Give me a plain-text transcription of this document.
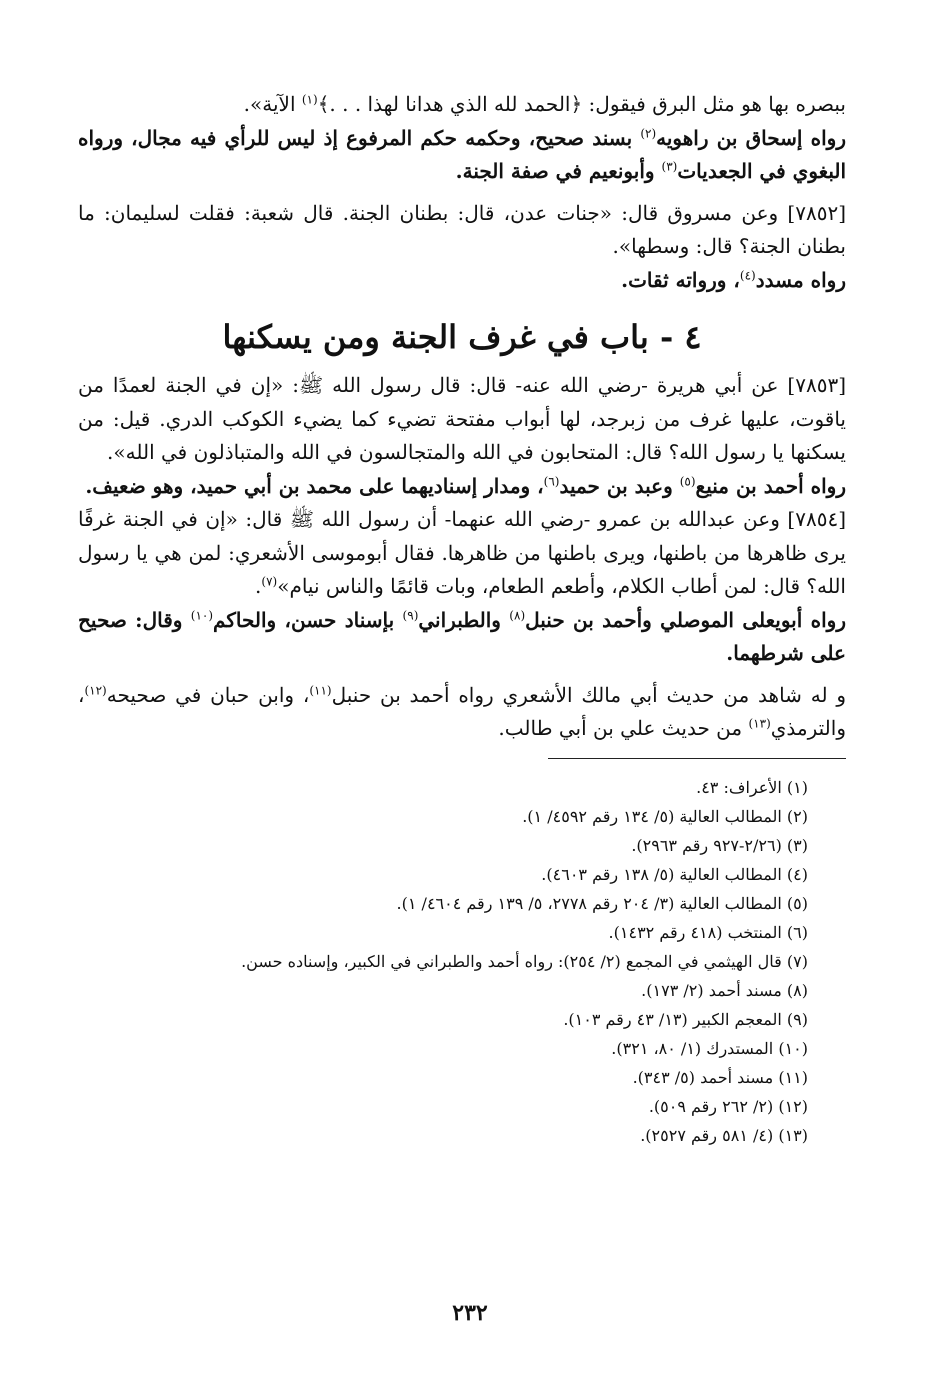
ببصره بها هو مثل البرق فيقول: ﴿الحمد لله الذي هدانا لهذا . . .﴾$^{(١)}$ الآية».

رواه إسحاق بن راهويه$^{(٢)}$ بسند صحيح، وحكمه حكم المرفوع إذ ليس للرأي فيه مجال، ورواه البغوي في الجعديات$^{(٣)}$ وأبونعيم في صفة الجنة.

[٧٨٥٢] وعن مسروق قال: «جنات عدن، قال: بطنان الجنة. قال شعبة: فقلت لسليمان: ما بطنان الجنة؟ قال: وسطها».

رواه مسدد$^{(٤)}$، ورواته ثقات.

٤ - باب في غرف الجنة ومن يسكنها

[٧٨٥٣] عن أبي هريرة -رضي الله عنه- قال: قال رسول الله ﷺ: «إن في الجنة لعمدًا من ياقوت، عليها غرف من زبرجد، لها أبواب مفتحة تضيء كما يضيء الكوكب الدري. قيل: من يسكنها يا رسول الله؟ قال: المتحابون في الله والمتجالسون في الله والمتباذلون في الله».

رواه أحمد بن منيع$^{(٥)}$ وعبد بن حميد$^{(٦)}$، ومدار إسناديهما على محمد بن أبي حميد، وهو ضعيف.

[٧٨٥٤] وعن عبدالله بن عمرو -رضي الله عنهما- أن رسول الله ﷺ قال: «إن في الجنة غرفًا يرى ظاهرها من باطنها، ويرى باطنها من ظاهرها. فقال أبوموسى الأشعري: لمن هي يا رسول الله؟ قال: لمن أطاب الكلام، وأطعم الطعام، وبات قائمًا والناس نيام»$^{(٧)}$.

رواه أبويعلى الموصلي وأحمد بن حنبل$^{(٨)}$ والطبراني$^{(٩)}$ بإسناد حسن، والحاكم$^{(١٠)}$ وقال: صحيح على شرطهما.

و له شاهد من حديث أبي مالك الأشعري رواه أحمد بن حنبل$^{(١١)}$، وابن حبان في صحيحه$^{(١٢)}$، والترمذي$^{(١٣)}$ من حديث علي بن أبي طالب.

(١) الأعراف: ٤٣.
(٢) المطالب العالية (٥/ ١٣٤ رقم ٤٥٩٢/ ١).
(٣) (٢/٢٦-٩٢٧ رقم ٢٩٦٣).
(٤) المطالب العالية (٥/ ١٣٨ رقم ٤٦٠٣).
(٥) المطالب العالية (٣/ ٢٠٤ رقم ٢٧٧٨، ٥/ ١٣٩ رقم ٤٦٠٤/ ١).
(٦) المنتخب (٤١٨ رقم ١٤٣٢).
(٧) قال الهيثمي في المجمع (٢/ ٢٥٤): رواه أحمد والطبراني في الكبير، وإسناده حسن.
(٨) مسند أحمد (٢/ ١٧٣).
(٩) المعجم الكبير (١٣/ ٤٣ رقم ١٠٣).
(١٠) المستدرك (١/ ٨٠، ٣٢١).
(١١) مسند أحمد (٥/ ٣٤٣).
(١٢) (٢/ ٢٦٢ رقم ٥٠٩).
(١٣) (٤/ ٥٨١ رقم ٢٥٢٧).
٢٣٢
